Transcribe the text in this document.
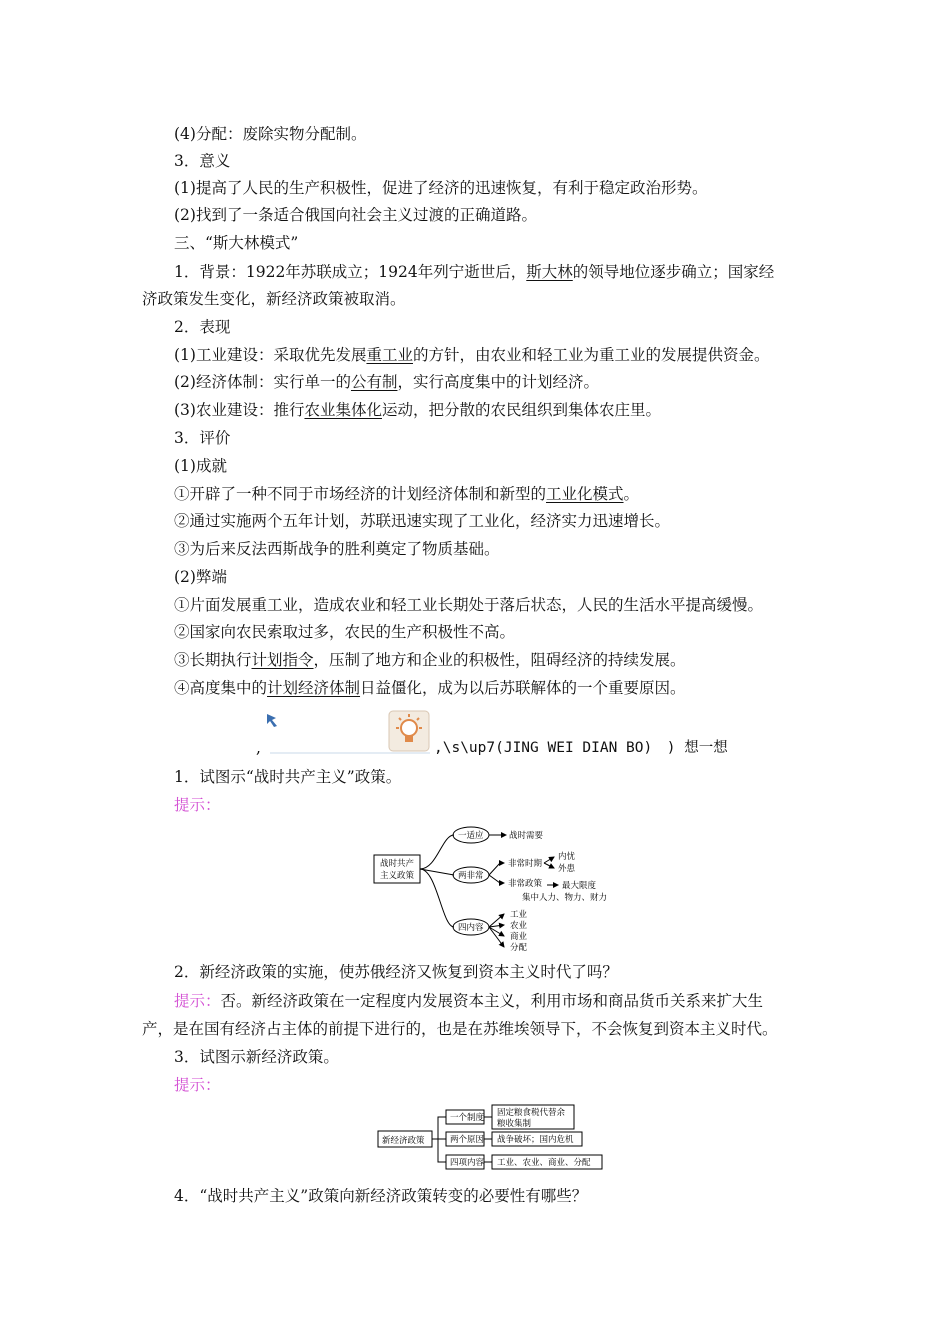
(4)分配：废除实物分配制。
3．意义
(1)提高了人民的生产积极性，促进了经济的迅速恢复，有利于稳定政治形势。
(2)找到了一条适合俄国向社会主义过渡的正确道路。
三、“斯大林模式”
1．背景：1922年苏联成立；1924年列宁逝世后，斯大林的领导地位逐步确立；国家经
济政策发生变化，新经济政策被取消。
2．表现
(1)工业建设：采取优先发展重工业的方针，由农业和轻工业为重工业的发展提供资金。
(2)经济体制：实行单一的公有制，实行高度集中的计划经济。
(3)农业建设：推行农业集体化运动，把分散的农民组织到集体农庄里。
3．评价
(1)成就
①开辟了一种不同于市场经济的计划经济体制和新型的工业化模式。
②通过实施两个五年计划，苏联迅速实现了工业化，经济实力迅速增长。
③为后来反法西斯战争的胜利奠定了物质基础。
(2)弊端
①片面发展重工业，造成农业和轻工业长期处于落后状态，人民的生活水平提高缓慢。
②国家向农民索取过多，农民的生产积极性不高。
③长期执行计划指令，压制了地方和企业的积极性，阻碍经济的持续发展。
④高度集中的计划经济体制日益僵化，成为以后苏联解体的一个重要原因。
,	,\s\up7(JING WEI DIAN BO)　) 想一想
1．试图示“战时共产主义”政策。
提示：
战时共产
主义政策
一适应	战时需要
两非常
非常时期
内忧
外患
非常政策 最大限度
集中人力、物力、财力
四内容
工业
农业
商业
分配
2．新经济政策的实施，使苏俄经济又恢复到资本主义时代了吗？
提示：否。新经济政策在一定程度内发展资本主义，利用市场和商品货币关系来扩大生
产，是在国有经济占主体的前提下进行的，也是在苏维埃领导下，不会恢复到资本主义时代。
3．试图示新经济政策。
提示：
新经济政策
一个制度
两个原因
四项内容
固定粮食税代替余
粮收集制
战争破坏；国内危机
工业、农业、商业、分配
4．“战时共产主义”政策向新经济政策转变的必要性有哪些？
